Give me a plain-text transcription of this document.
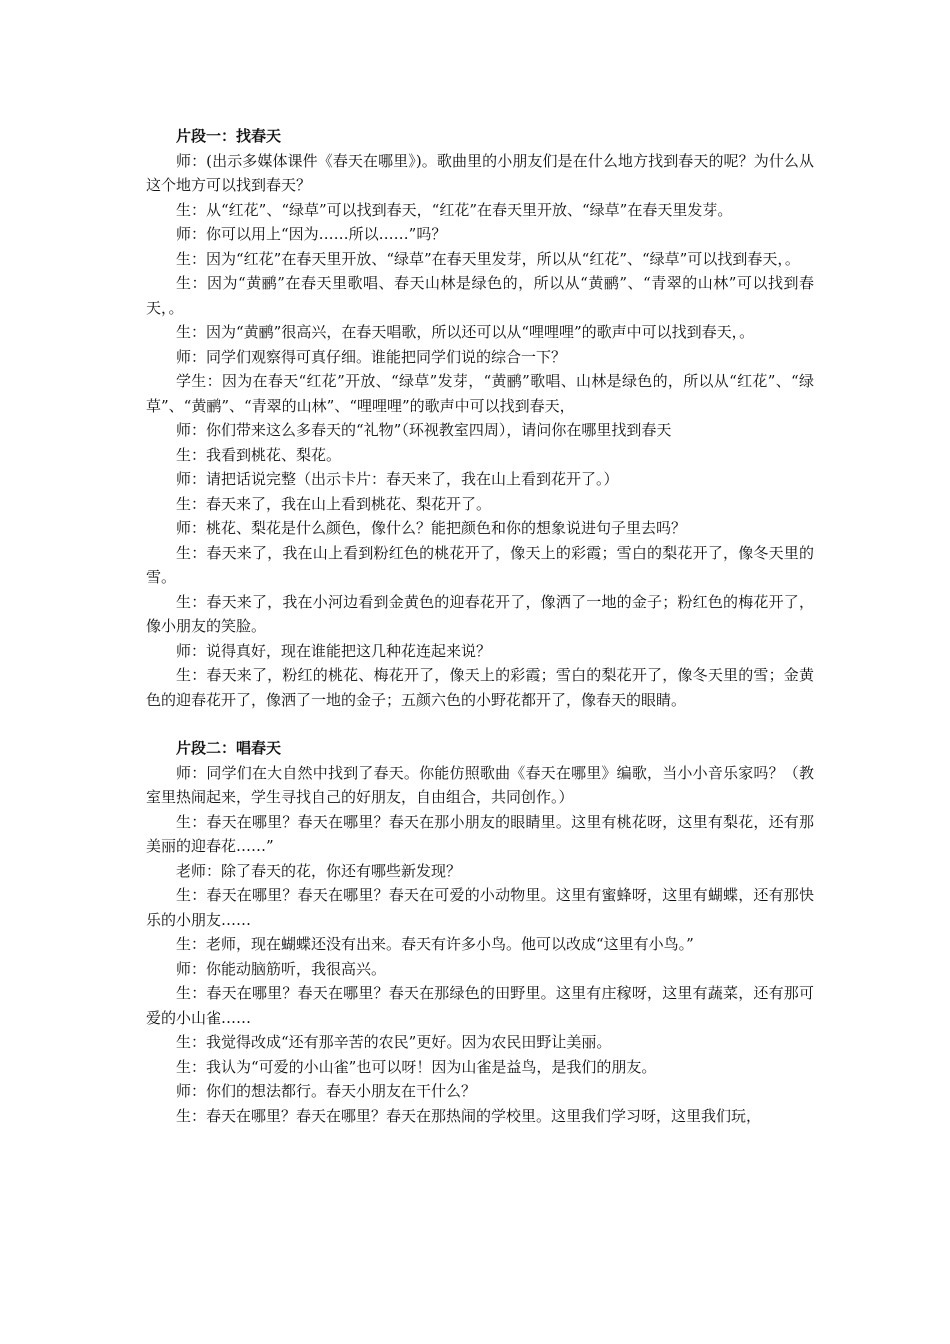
片段一：找春天

师：(出示多媒体课件《春天在哪里》)。歌曲里的小朋友们是在什么地方找到春天的呢？为什么从这个地方可以找到春天？

生：从“红花”、“绿草”可以找到春天，“红花”在春天里开放、“绿草”在春天里发芽。

师：你可以用上“因为……所以……”吗？

生：因为“红花”在春天里开放、“绿草”在春天里发芽，所以从“红花”、“绿草”可以找到春天，。

生：因为“黄鹂”在春天里歌唱、春天山林是绿色的，所以从“黄鹂”、“青翠的山林”可以找到春天，。

生：因为“黄鹂”很高兴，在春天唱歌，所以还可以从“哩哩哩”的歌声中可以找到春天，。

师：同学们观察得可真仔细。谁能把同学们说的综合一下？

学生：因为在春天“红花”开放、“绿草”发芽，“黄鹂”歌唱、山林是绿色的，所以从“红花”、“绿草”、“黄鹂”、“青翠的山林”、“哩哩哩”的歌声中可以找到春天，

师：你们带来这么多春天的“礼物”（环视教室四周），请问你在哪里找到春天

生：我看到桃花、梨花。

师：请把话说完整（出示卡片：春天来了，我在山上看到花开了。）

生：春天来了，我在山上看到桃花、梨花开了。

师：桃花、梨花是什么颜色，像什么？能把颜色和你的想象说进句子里去吗？

生：春天来了，我在山上看到粉红色的桃花开了，像天上的彩霞；雪白的梨花开了，像冬天里的雪。

生：春天来了，我在小河边看到金黄色的迎春花开了，像洒了一地的金子；粉红色的梅花开了，像小朋友的笑脸。

师：说得真好，现在谁能把这几种花连起来说？

生：春天来了，粉红的桃花、梅花开了，像天上的彩霞；雪白的梨花开了，像冬天里的雪；金黄色的迎春花开了，像洒了一地的金子；五颜六色的小野花都开了，像春天的眼睛。

片段二：唱春天

师：同学们在大自然中找到了春天。你能仿照歌曲《春天在哪里》编歌，当小小音乐家吗？（教室里热闹起来，学生寻找自己的好朋友，自由组合，共同创作。）

生：春天在哪里？春天在哪里？春天在那小朋友的眼睛里。这里有桃花呀，这里有梨花，还有那美丽的迎春花……”

老师：除了春天的花，你还有哪些新发现？

生：春天在哪里？春天在哪里？春天在可爱的小动物里。这里有蜜蜂呀，这里有蝴蝶，还有那快乐的小朋友……

生：老师，现在蝴蝶还没有出来。春天有许多小鸟。他可以改成“这里有小鸟。”

师：你能动脑筋听，我很高兴。

生：春天在哪里？春天在哪里？春天在那绿色的田野里。这里有庄稼呀，这里有蔬菜，还有那可爱的小山雀……

生：我觉得改成“还有那辛苦的农民”更好。因为农民田野让美丽。

生：我认为“可爱的小山雀”也可以呀！因为山雀是益鸟，是我们的朋友。

师：你们的想法都行。春天小朋友在干什么？

生：春天在哪里？春天在哪里？春天在那热闹的学校里。这里我们学习呀，这里我们玩，
